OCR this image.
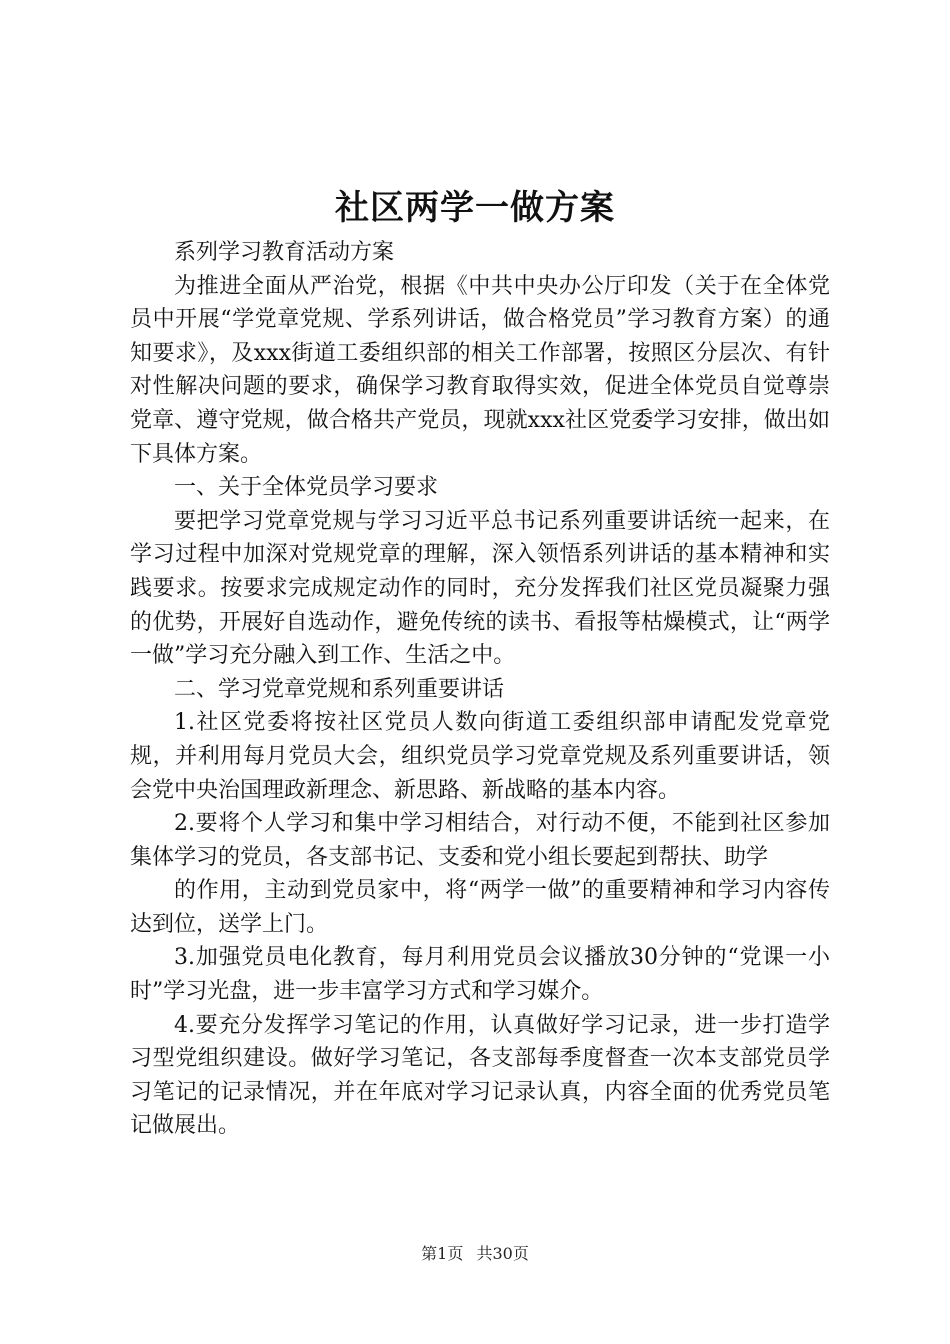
社区两学一做方案

系列学习教育活动方案

为推进全面从严治党，根据《中共中央办公厅印发（关于在全体党员中开展“学党章党规、学系列讲话，做合格党员”学习教育方案）的通知要求》，及xxx街道工委组织部的相关工作部署，按照区分层次、有针对性解决问题的要求，确保学习教育取得实效，促进全体党员自觉尊崇党章、遵守党规，做合格共产党员，现就xxx社区党委学习安排，做出如下具体方案。

一、关于全体党员学习要求

要把学习党章党规与学习习近平总书记系列重要讲话统一起来，在学习过程中加深对党规党章的理解，深入领悟系列讲话的基本精神和实践要求。按要求完成规定动作的同时，充分发挥我们社区党员凝聚力强的优势，开展好自选动作，避免传统的读书、看报等枯燥模式，让“两学一做”学习充分融入到工作、生活之中。

二、学习党章党规和系列重要讲话

1.社区党委将按社区党员人数向街道工委组织部申请配发党章党规，并利用每月党员大会，组织党员学习党章党规及系列重要讲话，领会党中央治国理政新理念、新思路、新战略的基本内容。

2.要将个人学习和集中学习相结合，对行动不便，不能到社区参加集体学习的党员，各支部书记、支委和党小组长要起到帮扶、助学

的作用，主动到党员家中，将“两学一做”的重要精神和学习内容传达到位，送学上门。

3.加强党员电化教育，每月利用党员会议播放30分钟的“党课一小时”学习光盘，进一步丰富学习方式和学习媒介。

4.要充分发挥学习笔记的作用，认真做好学习记录，进一步打造学习型党组织建设。做好学习笔记，各支部每季度督查一次本支部党员学习笔记的记录情况，并在年底对学习记录认真，内容全面的优秀党员笔记做展出。

第1页 共30页
